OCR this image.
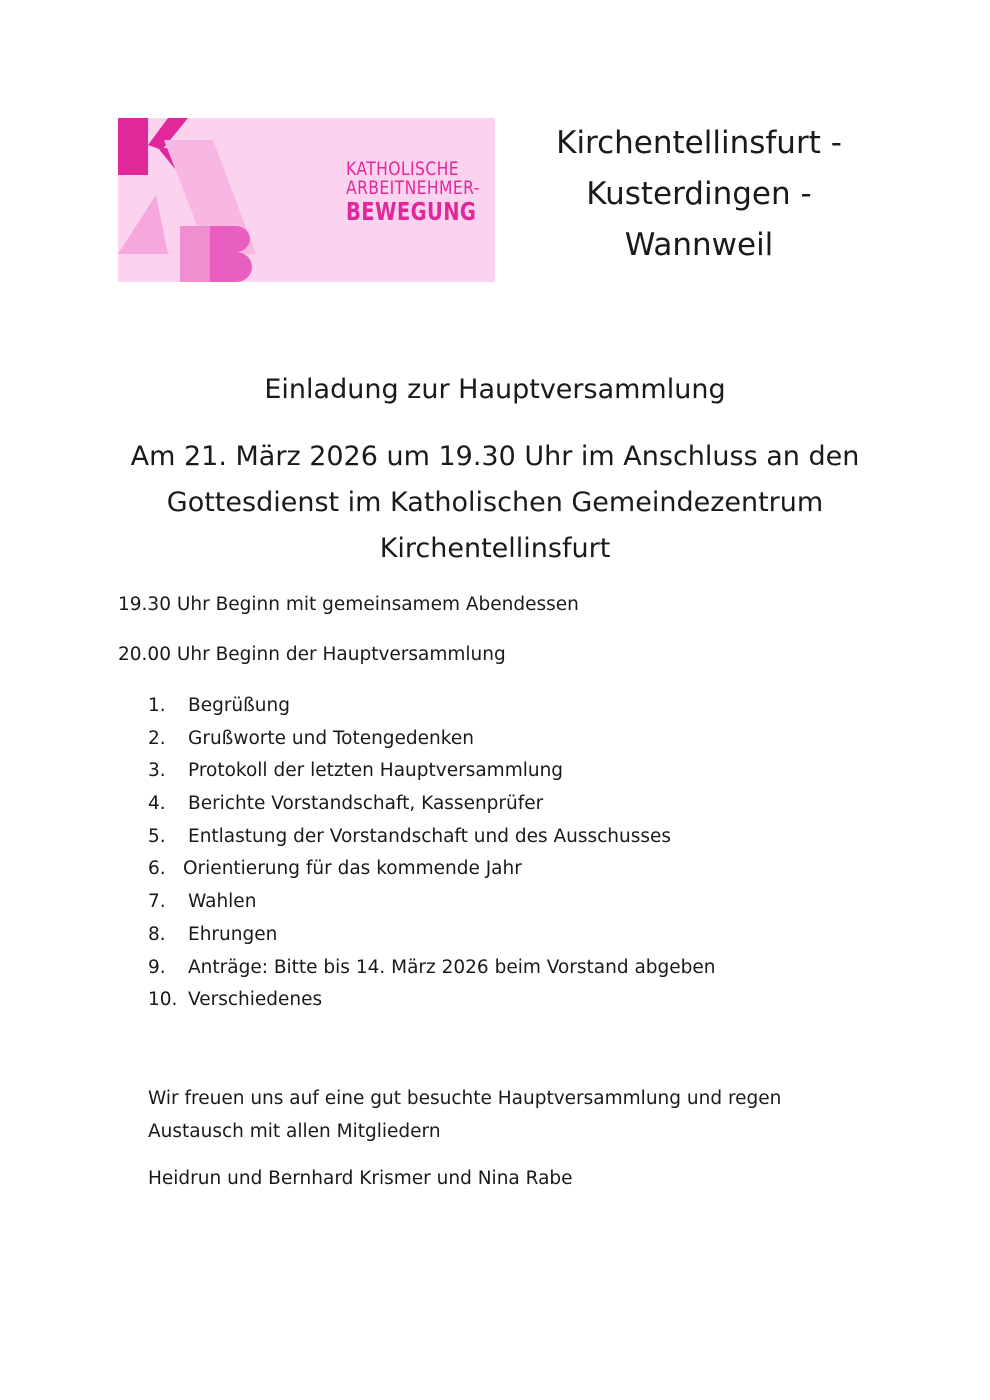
KATHOLISCHE
ARBEITNEHMER-
BEWEGUNG
Kirchentellinsfurt -
Kusterdingen -
Wannweil
Einladung zur Hauptversammlung
Am 21. März 2026 um 19.30 Uhr im Anschluss an den
Gottesdienst im Katholischen Gemeindezentrum
Kirchentellinsfurt
19.30 Uhr Beginn mit gemeinsamem Abendessen
20.00 Uhr Beginn der Hauptversammlung
1.	Begrüßung
2.	Grußworte und Totengedenken
3.	Protokoll der letzten Hauptversammlung
4.	Berichte Vorstandschaft, Kassenprüfer
5.	Entlastung der Vorstandschaft und des Ausschusses
6. Orientierung für das kommende Jahr
7.	Wahlen
8.	Ehrungen
9.	Anträge: Bitte bis 14. März 2026 beim Vorstand abgeben
10. Verschiedenes
Wir freuen uns auf eine gut besuchte Hauptversammlung und regen
Austausch mit allen Mitgliedern
Heidrun und Bernhard Krismer und Nina Rabe
